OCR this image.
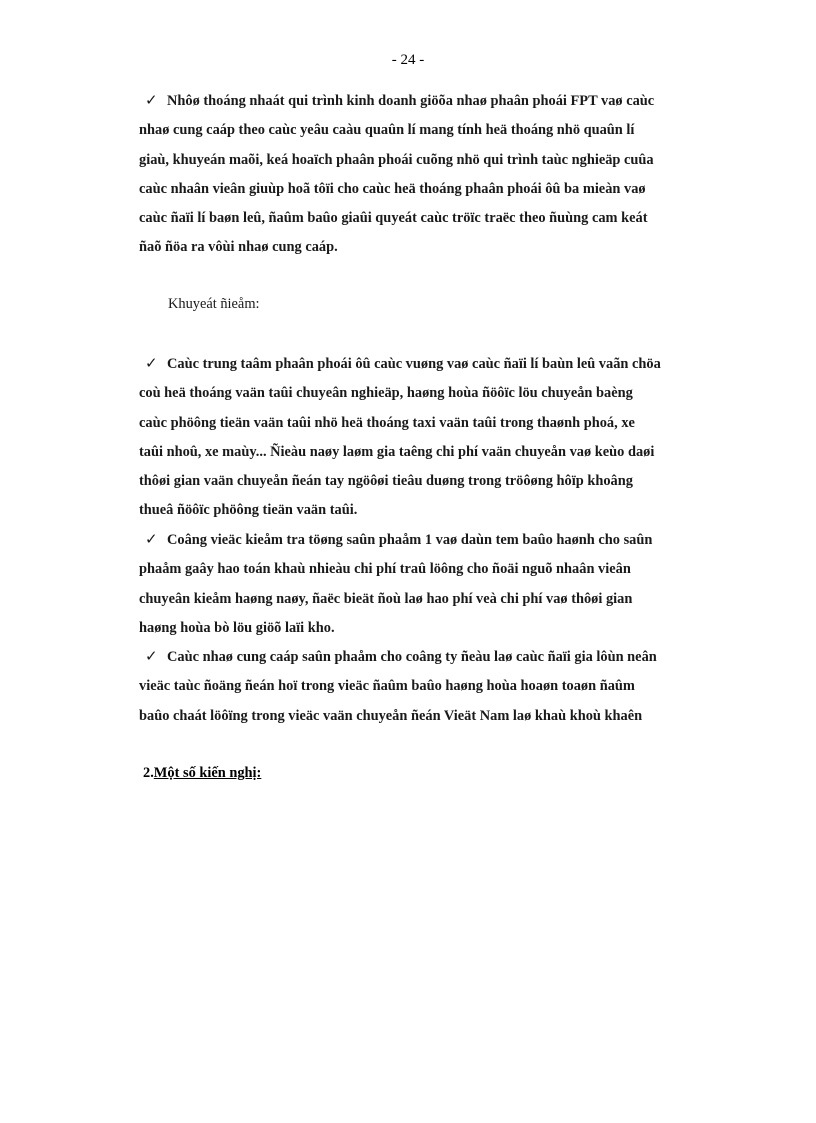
- 24 -
✓ Nhôø thoáng nhaát qui trình kinh doanh giöõa nhaø phaân phoái FPT vaø caùc
nhaø cung caáp theo caùc yeâu caàu quaûn lí mang tính heä thoáng nhö quaûn lí
giaù, khuyeán maõi, keá hoaïch phaân phoái cuõng nhö qui trình taùc nghieäp cuûa
caùc nhaân vieân giuùp hoã tôïi cho caùc heä thoáng phaân phoái ôû ba mieàn vaø
caùc ñaïi lí baøn leû, ñaûm baûo giaûi quyeát caùc tröïc traëc theo ñuùng cam keát
ñaõ ñöa ra vôùi nhaø cung caáp.
Khuyeát ñieåm:
✓ Caùc trung taâm phaân phoái ôû caùc vuøng vaø caùc ñaïi lí baùn leû vaãn chöa
coù heä thoáng vaän taûi chuyeân nghieäp, haøng hoùa ñöôïc löu chuyeån baèng
caùc phöông tieän vaän taûi nhö heä thoáng taxi vaän taûi trong thaønh phoá, xe
taûi nhoû, xe maùy... Ñieàu naøy laøm gia taêng chi phí vaän chuyeån vaø keùo daøi
thôøi gian vaän chuyeån ñeán tay ngöôøi tieâu duøng trong tröôøng hôïp khoâng
thueâ ñöôïc phöông tieän vaän taûi.
✓ Coâng vieäc kieåm tra töøng saûn phaåm 1 vaø daùn tem baûo haønh cho saûn
phaåm gaây hao toán khaù nhieàu chi phí traû löông cho ñoäi nguõ nhaân vieân
chuyeân kieåm haøng naøy, ñaëc bieät ñoù laø hao phí veà chi phí vaø thôøi gian
haøng hoùa bò löu giöõ laïi kho.
✓ Caùc nhaø cung caáp saûn phaåm cho coâng ty ñeàu laø caùc ñaïi gia lôùn neân
vieäc taùc ñoäng ñeán hoï trong vieäc ñaûm baûo haøng hoùa hoaøn toaøn ñaûm
baûo chaát löôïng trong vieäc vaän chuyeån ñeán Vieät Nam laø khaù khoù khaên
2.Một số kiến nghị:
